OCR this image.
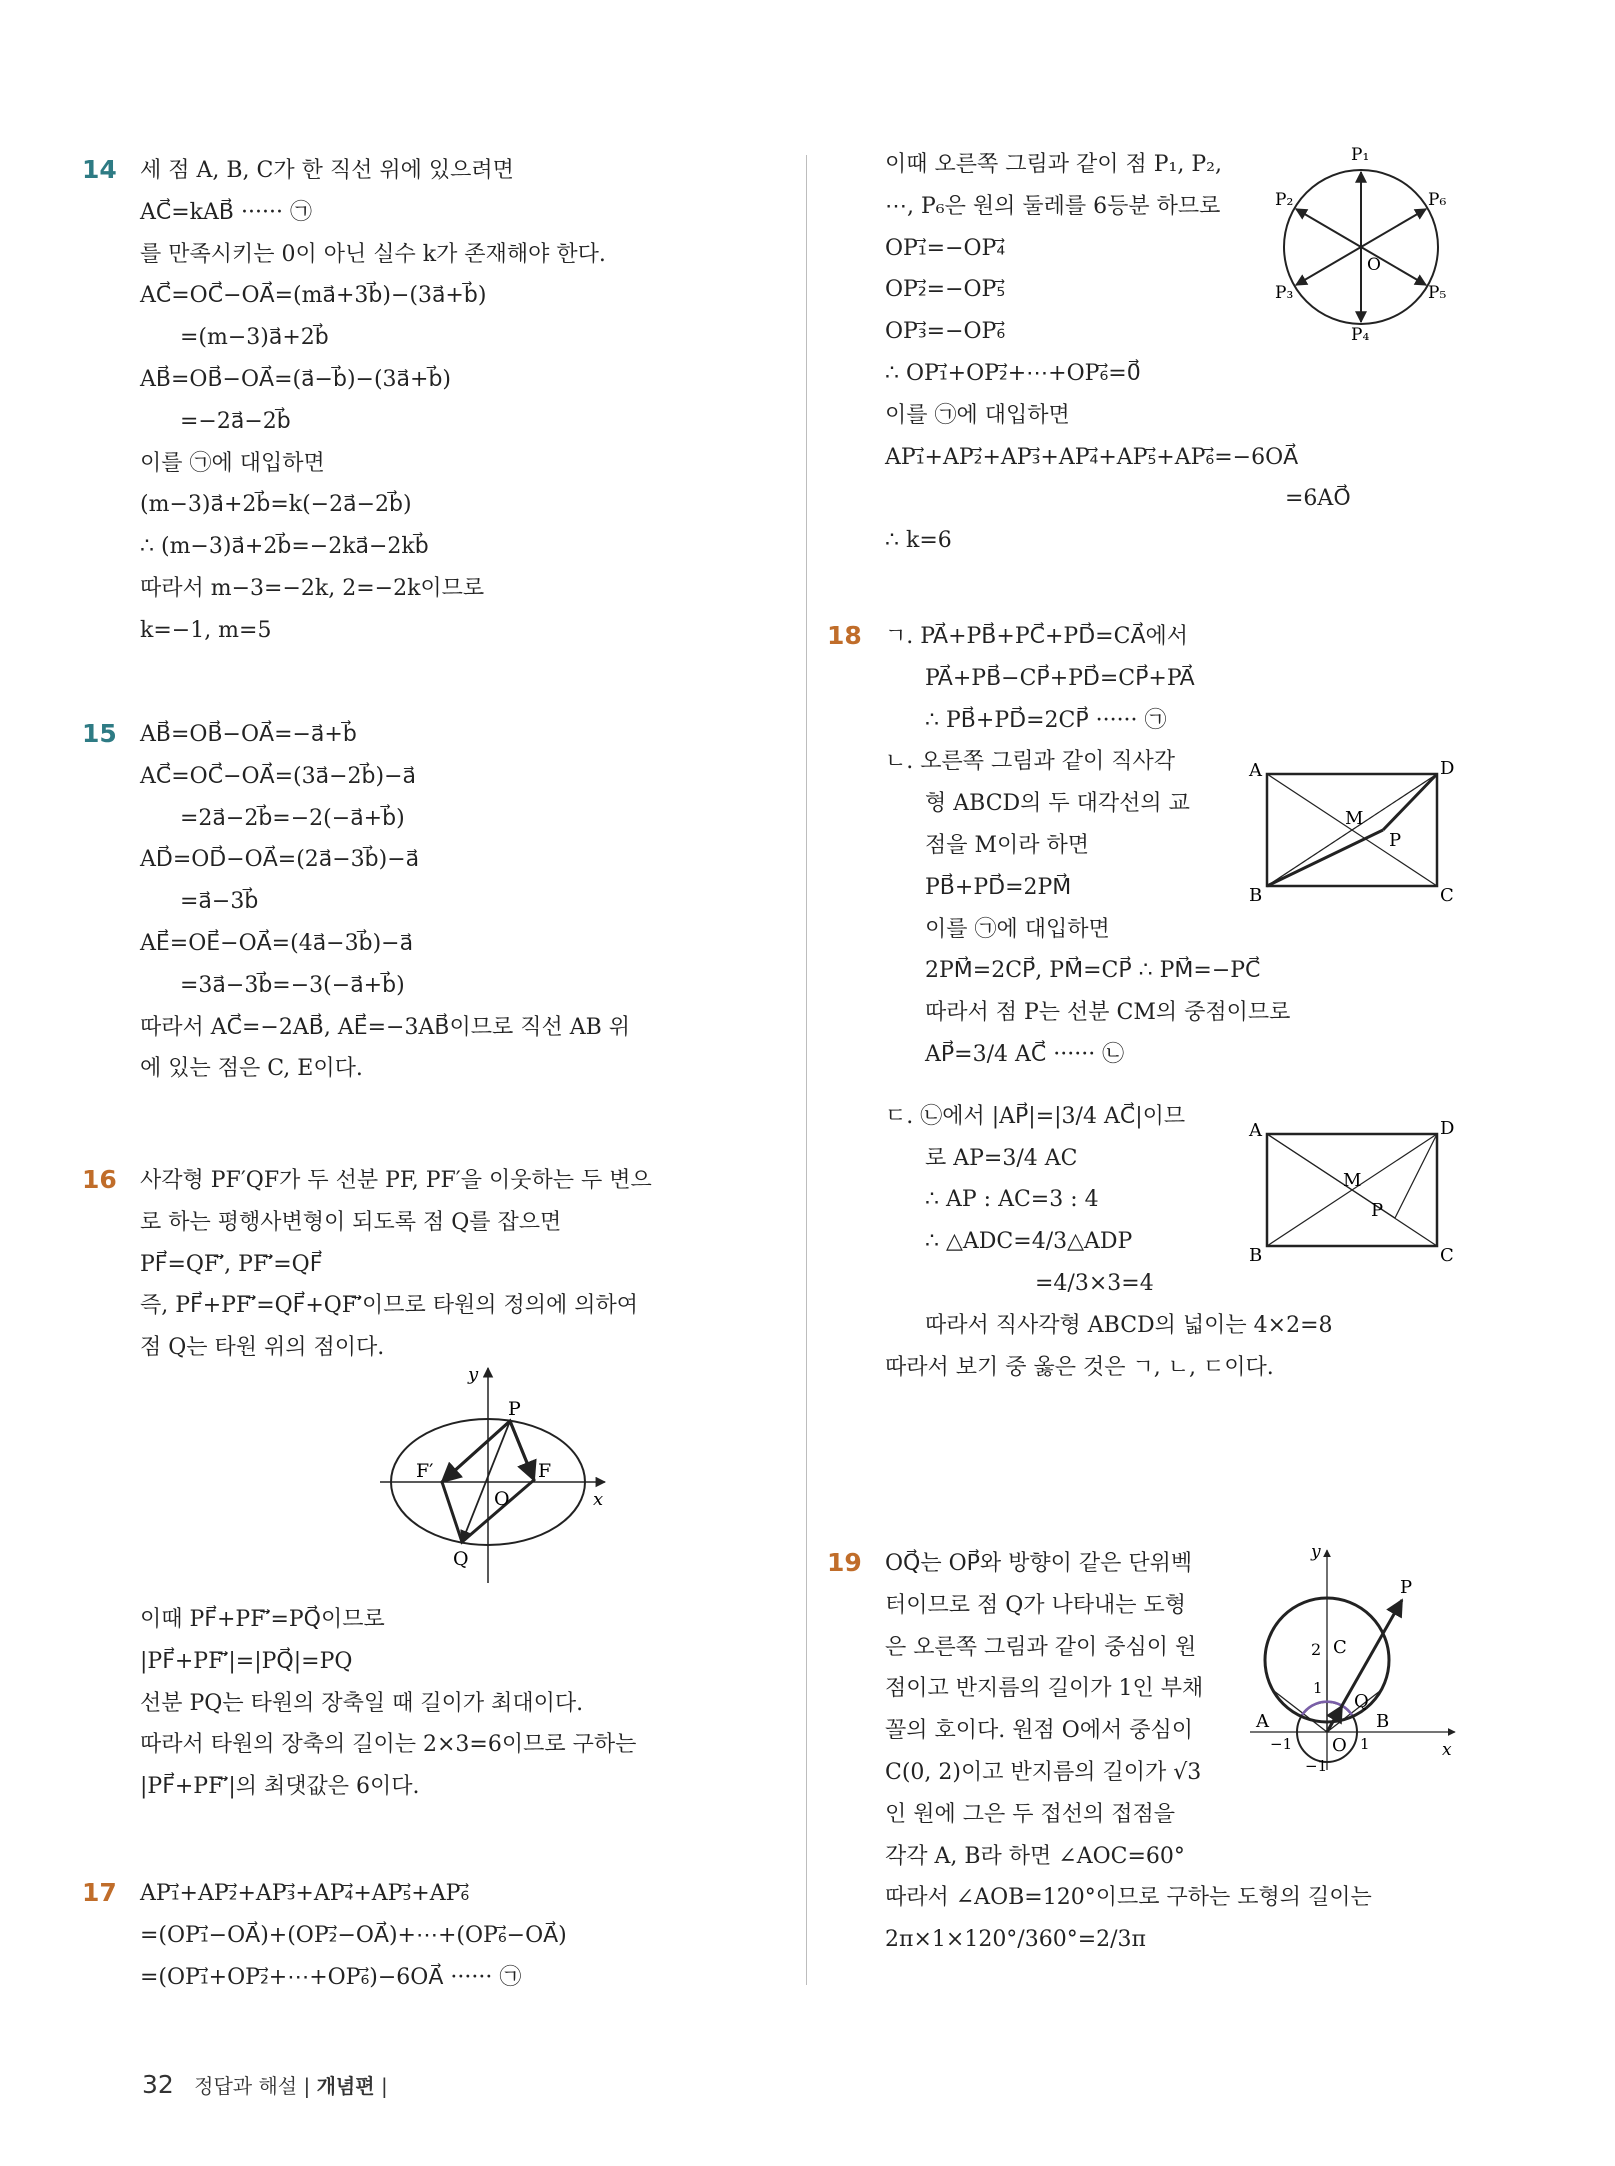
14 세 점 A, B, C가 한 직선 위에 있으려면
AC⃗=kAB⃗ ······ ㉠
를 만족시키는 0이 아닌 실수 k가 존재해야 한다.
AC⃗=OC⃗−OA⃗=(ma⃗+3b⃗)−(3a⃗+b⃗)
=(m−3)a⃗+2b⃗
AB⃗=OB⃗−OA⃗=(a⃗−b⃗)−(3a⃗+b⃗)
=−2a⃗−2b⃗
이를 ㉠에 대입하면
(m−3)a⃗+2b⃗=k(−2a⃗−2b⃗)
∴ (m−3)a⃗+2b⃗=−2ka⃗−2kb⃗
따라서 m−3=−2k, 2=−2k이므로
k=−1, m=5
15 AB⃗=OB⃗−OA⃗=−a⃗+b⃗
AC⃗=OC⃗−OA⃗=(3a⃗−2b⃗)−a⃗
=2a⃗−2b⃗=−2(−a⃗+b⃗)
AD⃗=OD⃗−OA⃗=(2a⃗−3b⃗)−a⃗
=a⃗−3b⃗
AE⃗=OE⃗−OA⃗=(4a⃗−3b⃗)−a⃗
=3a⃗−3b⃗=−3(−a⃗+b⃗)
따라서 AC⃗=−2AB⃗, AE⃗=−3AB⃗이므로 직선 AB 위
에 있는 점은 C, E이다.
16 사각형 PF′QF가 두 선분 PF, PF′을 이웃하는 두 변으
로 하는 평행사변형이 되도록 점 Q를 잡으면
PF⃗=QF′⃗, PF′⃗=QF⃗
즉, PF⃗+PF′⃗=QF⃗+QF′⃗이므로 타원의 정의에 의하여
점 Q는 타원 위의 점이다.
y
x
P
F
F′
O
Q
이때 PF⃗+PF′⃗=PQ⃗이므로
|PF⃗+PF′⃗|=|PQ⃗|=PQ
선분 PQ는 타원의 장축일 때 길이가 최대이다.
따라서 타원의 장축의 길이는 2×3=6이므로 구하는
|PF⃗+PF′⃗|의 최댓값은 6이다.
17 AP₁⃗+AP₂⃗+AP₃⃗+AP₄⃗+AP₅⃗+AP₆⃗
=(OP₁⃗−OA⃗)+(OP₂⃗−OA⃗)+⋯+(OP₆⃗−OA⃗)
=(OP₁⃗+OP₂⃗+⋯+OP₆⃗)−6OA⃗ ······ ㉠
이때 오른쪽 그림과 같이 점 P₁, P₂,
⋯, P₆은 원의 둘레를 6등분 하므로
OP₁⃗=−OP₄⃗
OP₂⃗=−OP₅⃗
OP₃⃗=−OP₆⃗
∴ OP₁⃗+OP₂⃗+⋯+OP₆⃗=0⃗
이를 ㉠에 대입하면
AP₁⃗+AP₂⃗+AP₃⃗+AP₄⃗+AP₅⃗+AP₆⃗=−6OA⃗
=6AO⃗
∴ k=6
P₁
P₂	P₆
P₃	P₅
P₄
O
18 ㄱ. PA⃗+PB⃗+PC⃗+PD⃗=CA⃗에서
PA⃗+PB⃗−CP⃗+PD⃗=CP⃗+PA⃗
∴ PB⃗+PD⃗=2CP⃗ ······ ㉠
ㄴ. 오른쪽 그림과 같이 직사각
형 ABCD의 두 대각선의 교
점을 M이라 하면
PB⃗+PD⃗=2PM⃗
이를 ㉠에 대입하면
2PM⃗=2CP⃗, PM⃗=CP⃗ ∴ PM⃗=−PC⃗
따라서 점 P는 선분 CM의 중점이므로
AP⃗=3/4 AC⃗ ······ ㉡
ㄷ. ㉡에서 |AP⃗|=|3/4 AC⃗|이므
로 AP=3/4 AC
∴ AP : AC=3 : 4
∴ △ADC=4/3△ADP
=4/3×3=4
따라서 직사각형 ABCD의 넓이는 4×2=8
따라서 보기 중 옳은 것은 ㄱ, ㄴ, ㄷ이다.
A	D
B	C
M
P
A	D
B	C
M
P
19 OQ⃗는 OP⃗와 방향이 같은 단위벡
터이므로 점 Q가 나타내는 도형
은 오른쪽 그림과 같이 중심이 원
점이고 반지름의 길이가 1인 부채
꼴의 호이다. 원점 O에서 중심이
C(0, 2)이고 반지름의 길이가 √3
인 원에 그은 두 접선의 접점을
각각 A, B라 하면 ∠AOC=60°
따라서 ∠AOB=120°이므로 구하는 도형의 길이는
2π×1×120°/360°=2/3π
y
x
P
C
2
Q
A	B
1
O
−1	1
−1
32 정답과 해설 | 개념편 |
